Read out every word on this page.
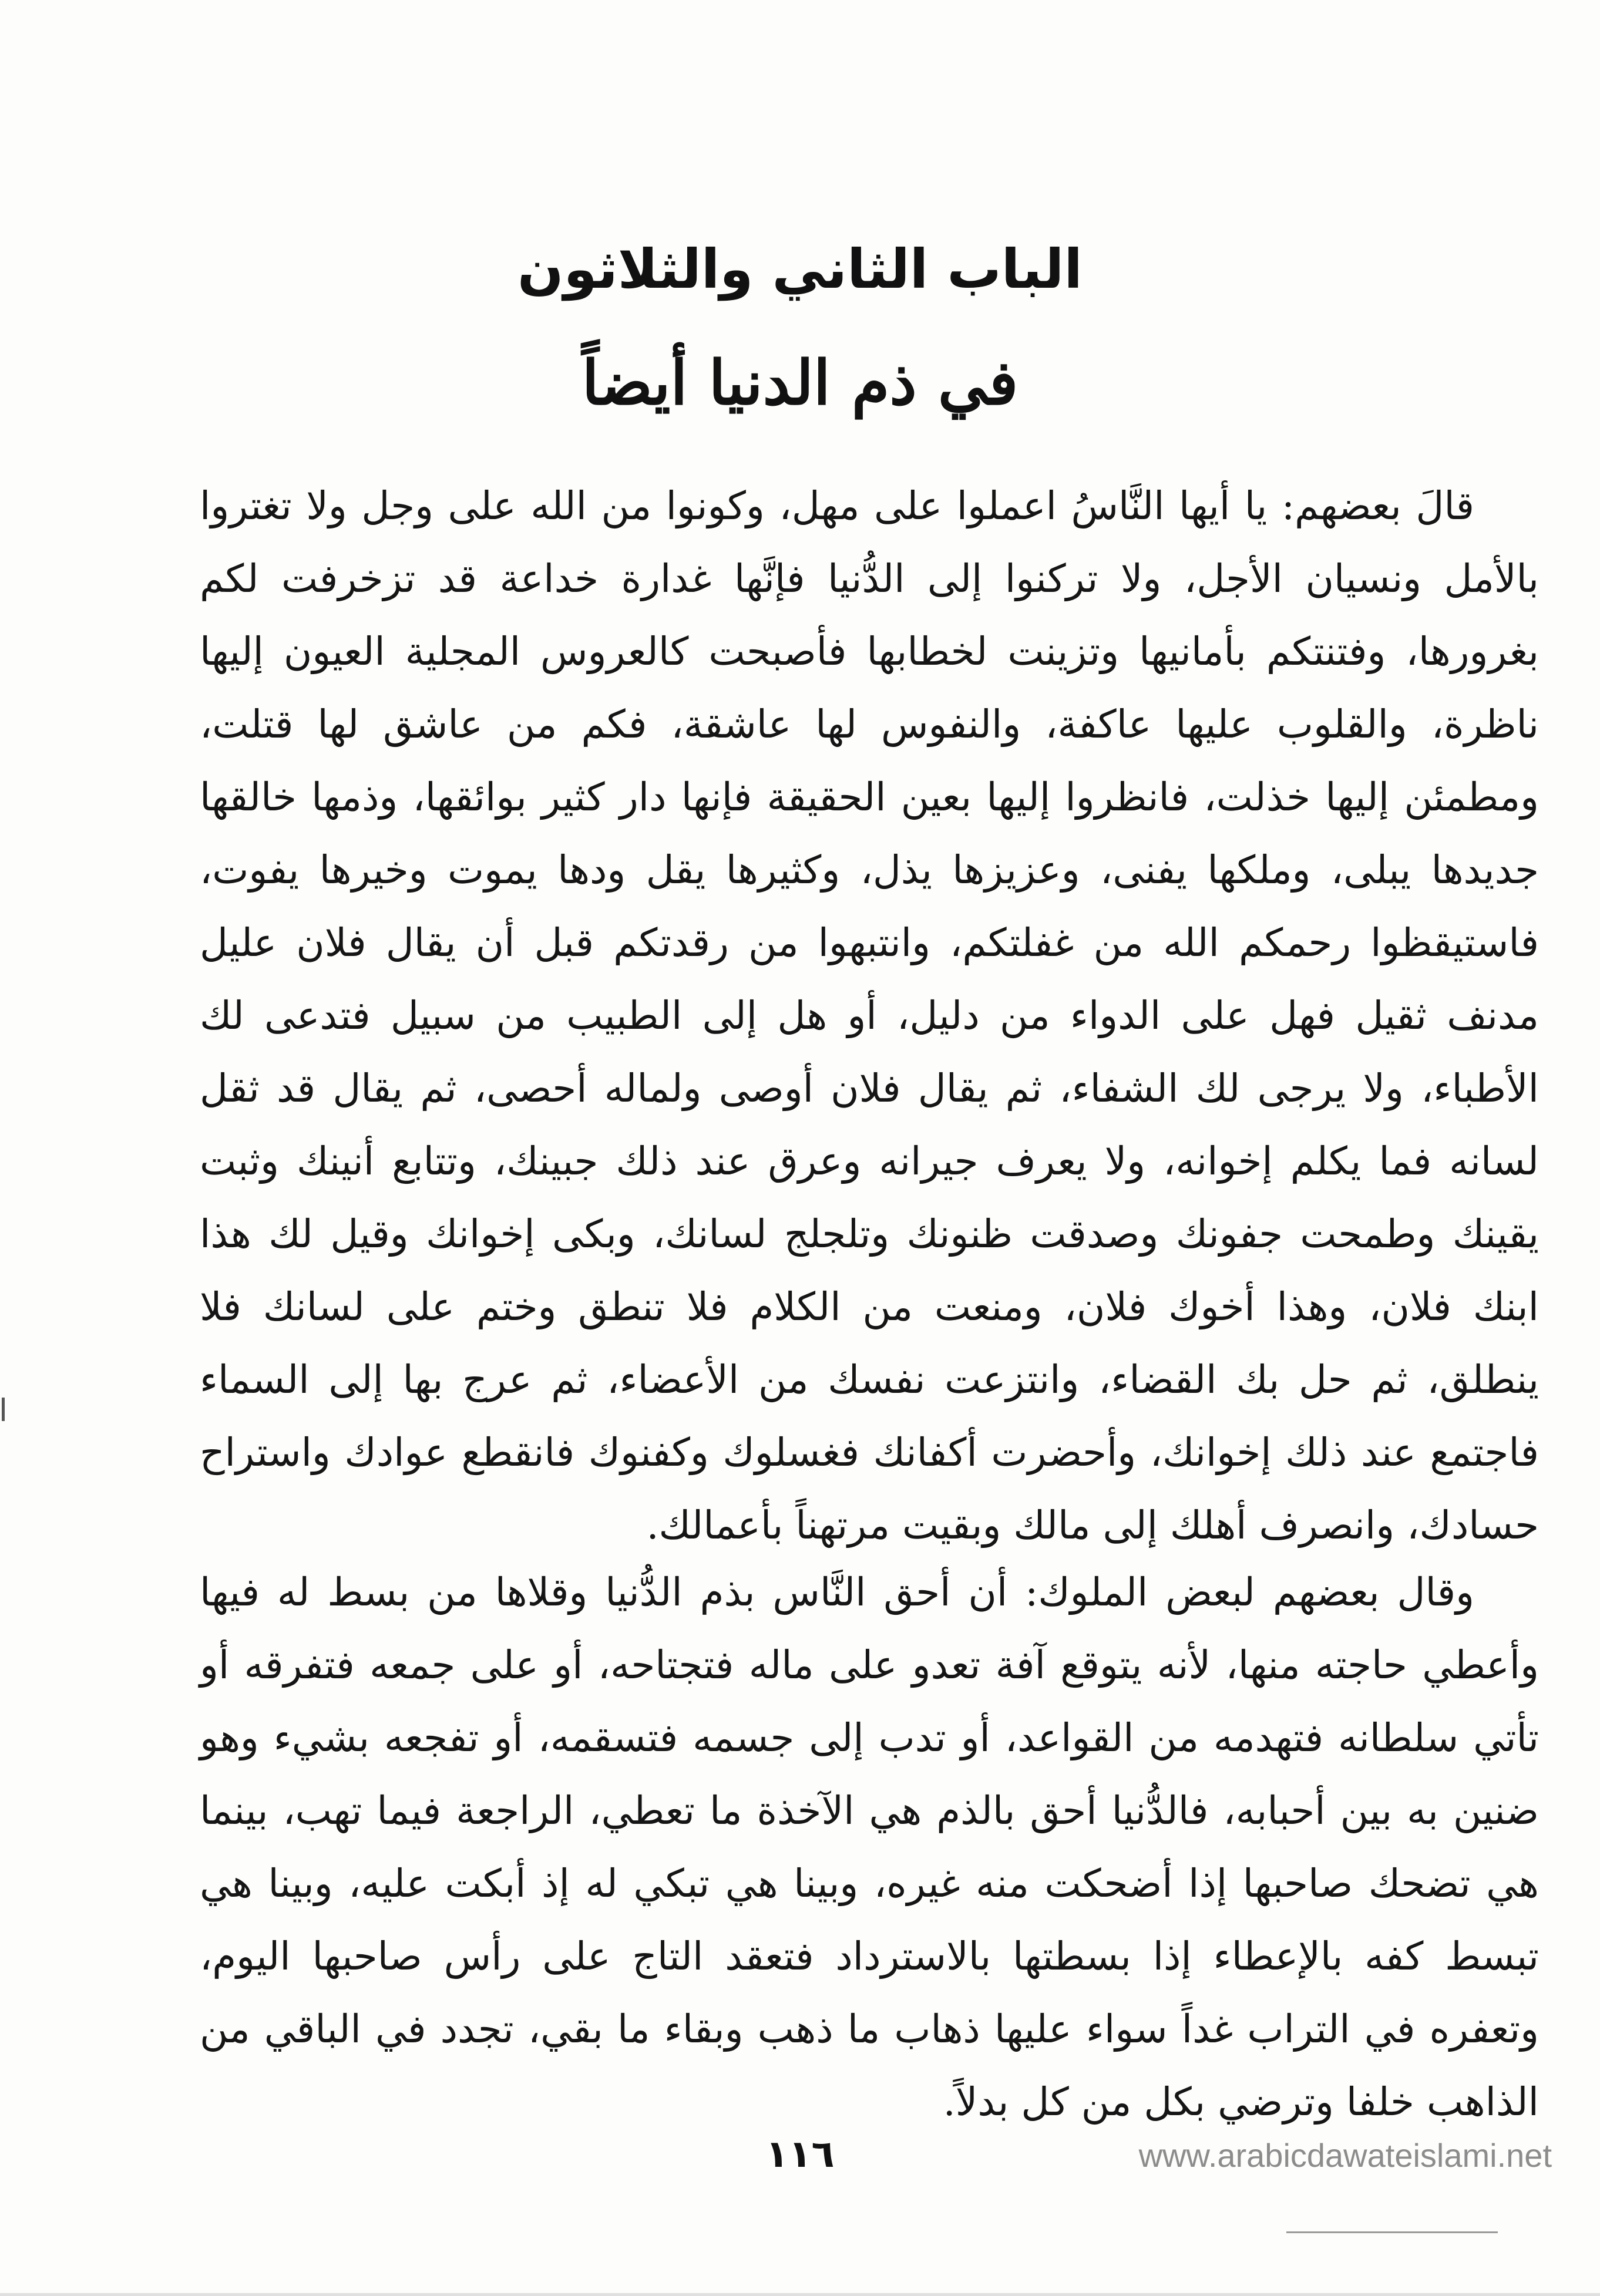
الباب الثاني والثلاثون
في ذم الدنيا أيضاً

قالَ بعضهم: يا أيها النَّاسُ اعملوا على مهل، وكونوا من الله على وجل ولا تغتروا بالأمل ونسيان الأجل، ولا تركنوا إلى الدُّنيا فإنَّها غدارة خداعة قد تزخرفت لكم بغرورها، وفتنتكم بأمانيها وتزينت لخطابها فأصبحت كالعروس المجلية العيون إليها ناظرة، والقلوب عليها عاكفة، والنفوس لها عاشقة، فكم من عاشق لها قتلت، ومطمئن إليها خذلت، فانظروا إليها بعين الحقيقة فإنها دار كثير بوائقها، وذمها خالقها جديدها يبلى، وملكها يفنى، وعزيزها يذل، وكثيرها يقل ودها يموت وخيرها يفوت، فاستيقظوا رحمكم الله من غفلتكم، وانتبهوا من رقدتكم قبل أن يقال فلان عليل مدنف ثقيل فهل على الدواء من دليل، أو هل إلى الطبيب من سبيل فتدعى لك الأطباء، ولا يرجى لك الشفاء، ثم يقال فلان أوصى ولماله أحصى، ثم يقال قد ثقل لسانه فما يكلم إخوانه، ولا يعرف جيرانه وعرق عند ذلك جبينك، وتتابع أنينك وثبت يقينك وطمحت جفونك وصدقت ظنونك وتلجلج لسانك، وبكى إخوانك وقيل لك هذا ابنك فلان، وهذا أخوك فلان، ومنعت من الكلام فلا تنطق وختم على لسانك فلا ينطلق، ثم حل بك القضاء، وانتزعت نفسك من الأعضاء، ثم عرج بها إلى السماء فاجتمع عند ذلك إخوانك، وأحضرت أكفانك فغسلوك وكفنوك فانقطع عوادك واستراح حسادك، وانصرف أهلك إلى مالك وبقيت مرتهناً بأعمالك.

وقال بعضهم لبعض الملوك: أن أحق النَّاس بذم الدُّنيا وقلاها من بسط له فيها وأعطي حاجته منها، لأنه يتوقع آفة تعدو على ماله فتجتاحه، أو على جمعه فتفرقه أو تأتي سلطانه فتهدمه من القواعد، أو تدب إلى جسمه فتسقمه، أو تفجعه بشيء وهو ضنين به بين أحبابه، فالدُّنيا أحق بالذم هي الآخذة ما تعطي، الراجعة فيما تهب، بينما هي تضحك صاحبها إذا أضحكت منه غيره، وبينا هي تبكي له إذ أبكت عليه، وبينا هي تبسط كفه بالإعطاء إذا بسطتها بالاسترداد فتعقد التاج على رأس صاحبها اليوم، وتعفره في التراب غداً سواء عليها ذهاب ما ذهب وبقاء ما بقي، تجدد في الباقي من الذاهب خلفا وترضي بكل من كل بدلاً.

١١٦	www.arabicdawateislami.net
